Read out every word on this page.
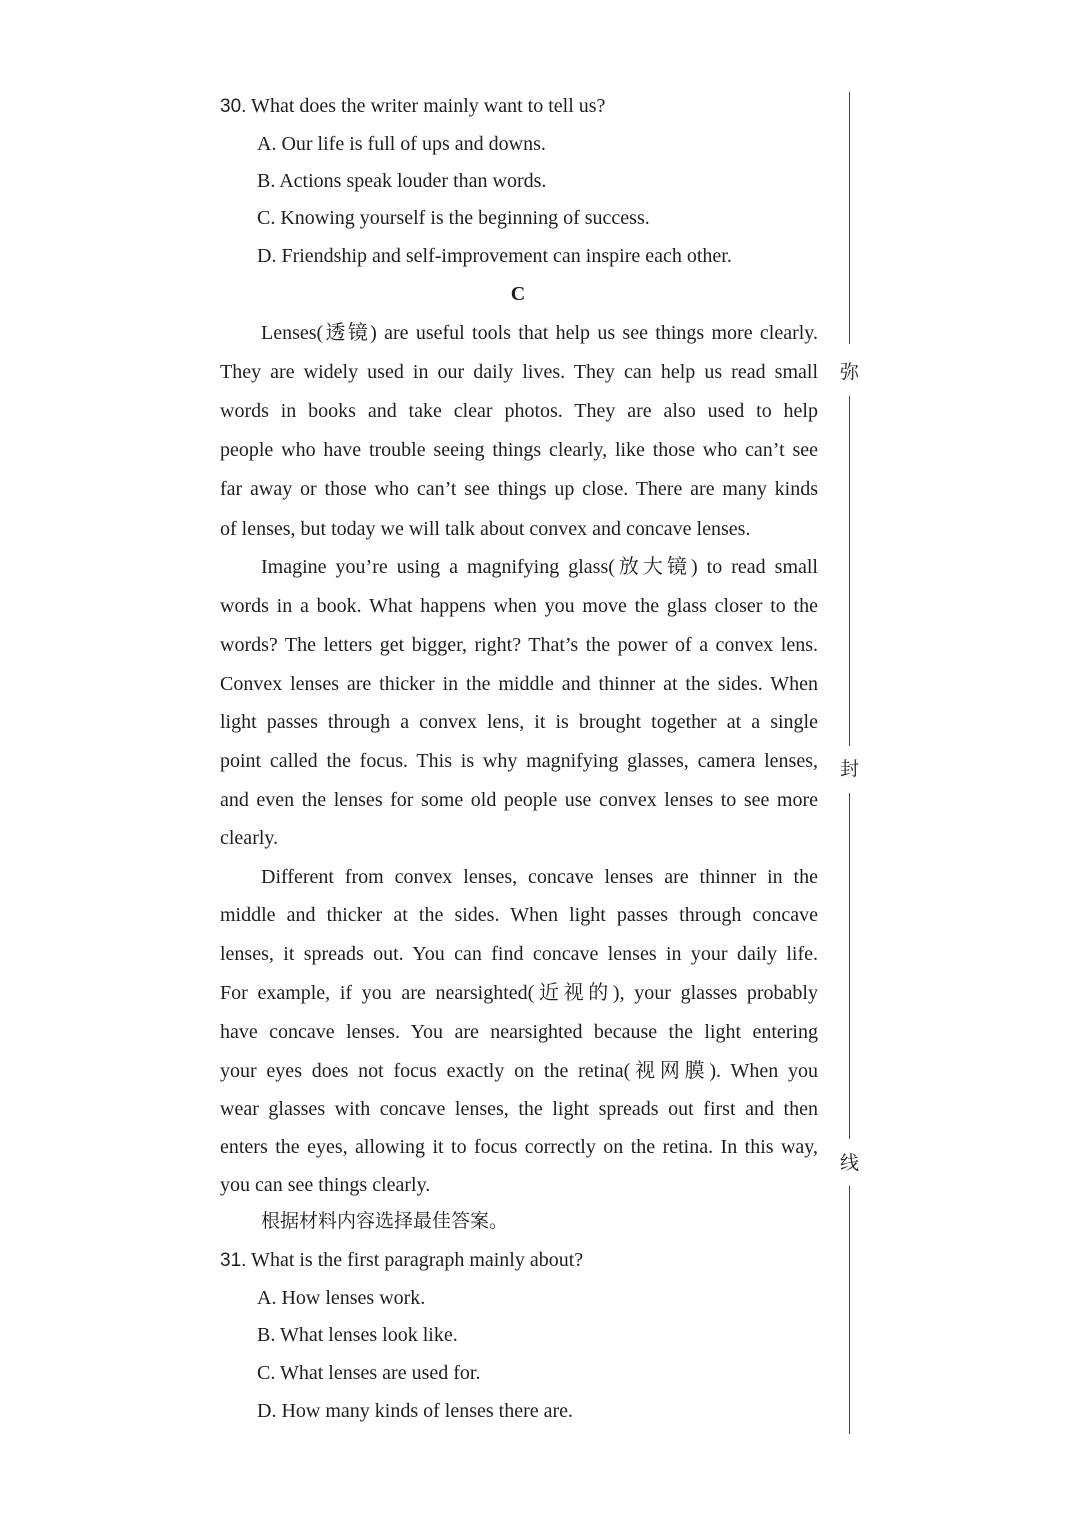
30. What does the writer mainly want to tell us?
A. Our life is full of ups and downs.
B. Actions speak louder than words.
C. Knowing yourself is the beginning of success.
D. Friendship and self-improvement can inspire each other.
C
Lenses(透镜) are useful tools that help us see things more clearly.
They are widely used in our daily lives. They can help us read small
words in books and take clear photos. They are also used to help
people who have trouble seeing things clearly, like those who can’t see
far away or those who can’t see things up close. There are many kinds
of lenses, but today we will talk about convex and concave lenses.
Imagine you’re using a magnifying glass(放大镜) to read small
words in a book. What happens when you move the glass closer to the
words? The letters get bigger, right? That’s the power of a convex lens.
Convex lenses are thicker in the middle and thinner at the sides. When
light passes through a convex lens, it is brought together at a single
point called the focus. This is why magnifying glasses, camera lenses,
and even the lenses for some old people use convex lenses to see more
clearly.
Different from convex lenses, concave lenses are thinner in the
middle and thicker at the sides. When light passes through concave
lenses, it spreads out. You can find concave lenses in your daily life.
For example, if you are nearsighted(近视的), your glasses probably
have concave lenses. You are nearsighted because the light entering
your eyes does not focus exactly on the retina(视网膜). When you
wear glasses with concave lenses, the light spreads out first and then
enters the eyes, allowing it to focus correctly on the retina. In this way,
you can see things clearly.
根据材料内容选择最佳答案。
31. What is the first paragraph mainly about?
A. How lenses work.
B. What lenses look like.
C. What lenses are used for.
D. How many kinds of lenses there are.
弥
封
线
